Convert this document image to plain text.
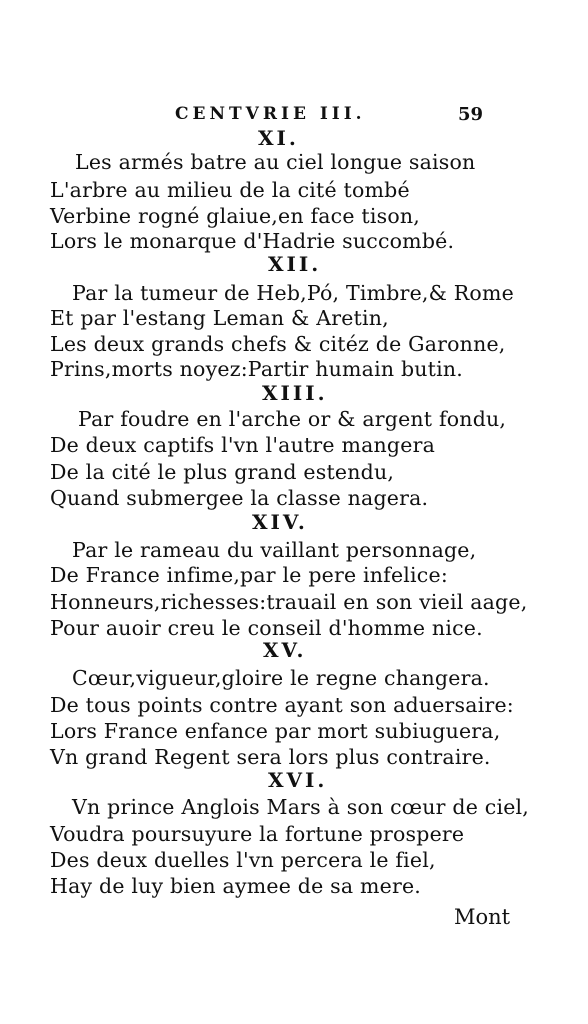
CENTVRIE III.	59
XI.
Les armés batre au ciel longue saison
L'arbre au milieu de la cité tombé
Verbine rogné glaiue,en face tison,
Lors le monarque d'Hadrie succombé.
XII.
Par la tumeur de Heb,Pó, Timbre,& Rome
Et par l'estang Leman & Aretin,
Les deux grands chefs & citéz de Garonne,
Prins,morts noyez:Partir humain butin.
XIII.
Par foudre en l'arche or & argent fondu,
De deux captifs l'vn l'autre mangera
De la cité le plus grand estendu,
Quand submergee la classe nagera.
XIV.
Par le rameau du vaillant personnage,
De France infime,par le pere infelice:
Honneurs,richesses:trauail en son vieil aage,
Pour auoir creu le conseil d'homme nice.
XV.
Cœur,vigueur,gloire le regne changera.
De tous points contre ayant son aduersaire:
Lors France enfance par mort subiuguera,
Vn grand Regent sera lors plus contraire.
XVI.
Vn prince Anglois Mars à son cœur de ciel,
Voudra poursuyure la fortune prospere
Des deux duelles l'vn percera le fiel,
Hay de luy bien aymee de sa mere.
Mont
